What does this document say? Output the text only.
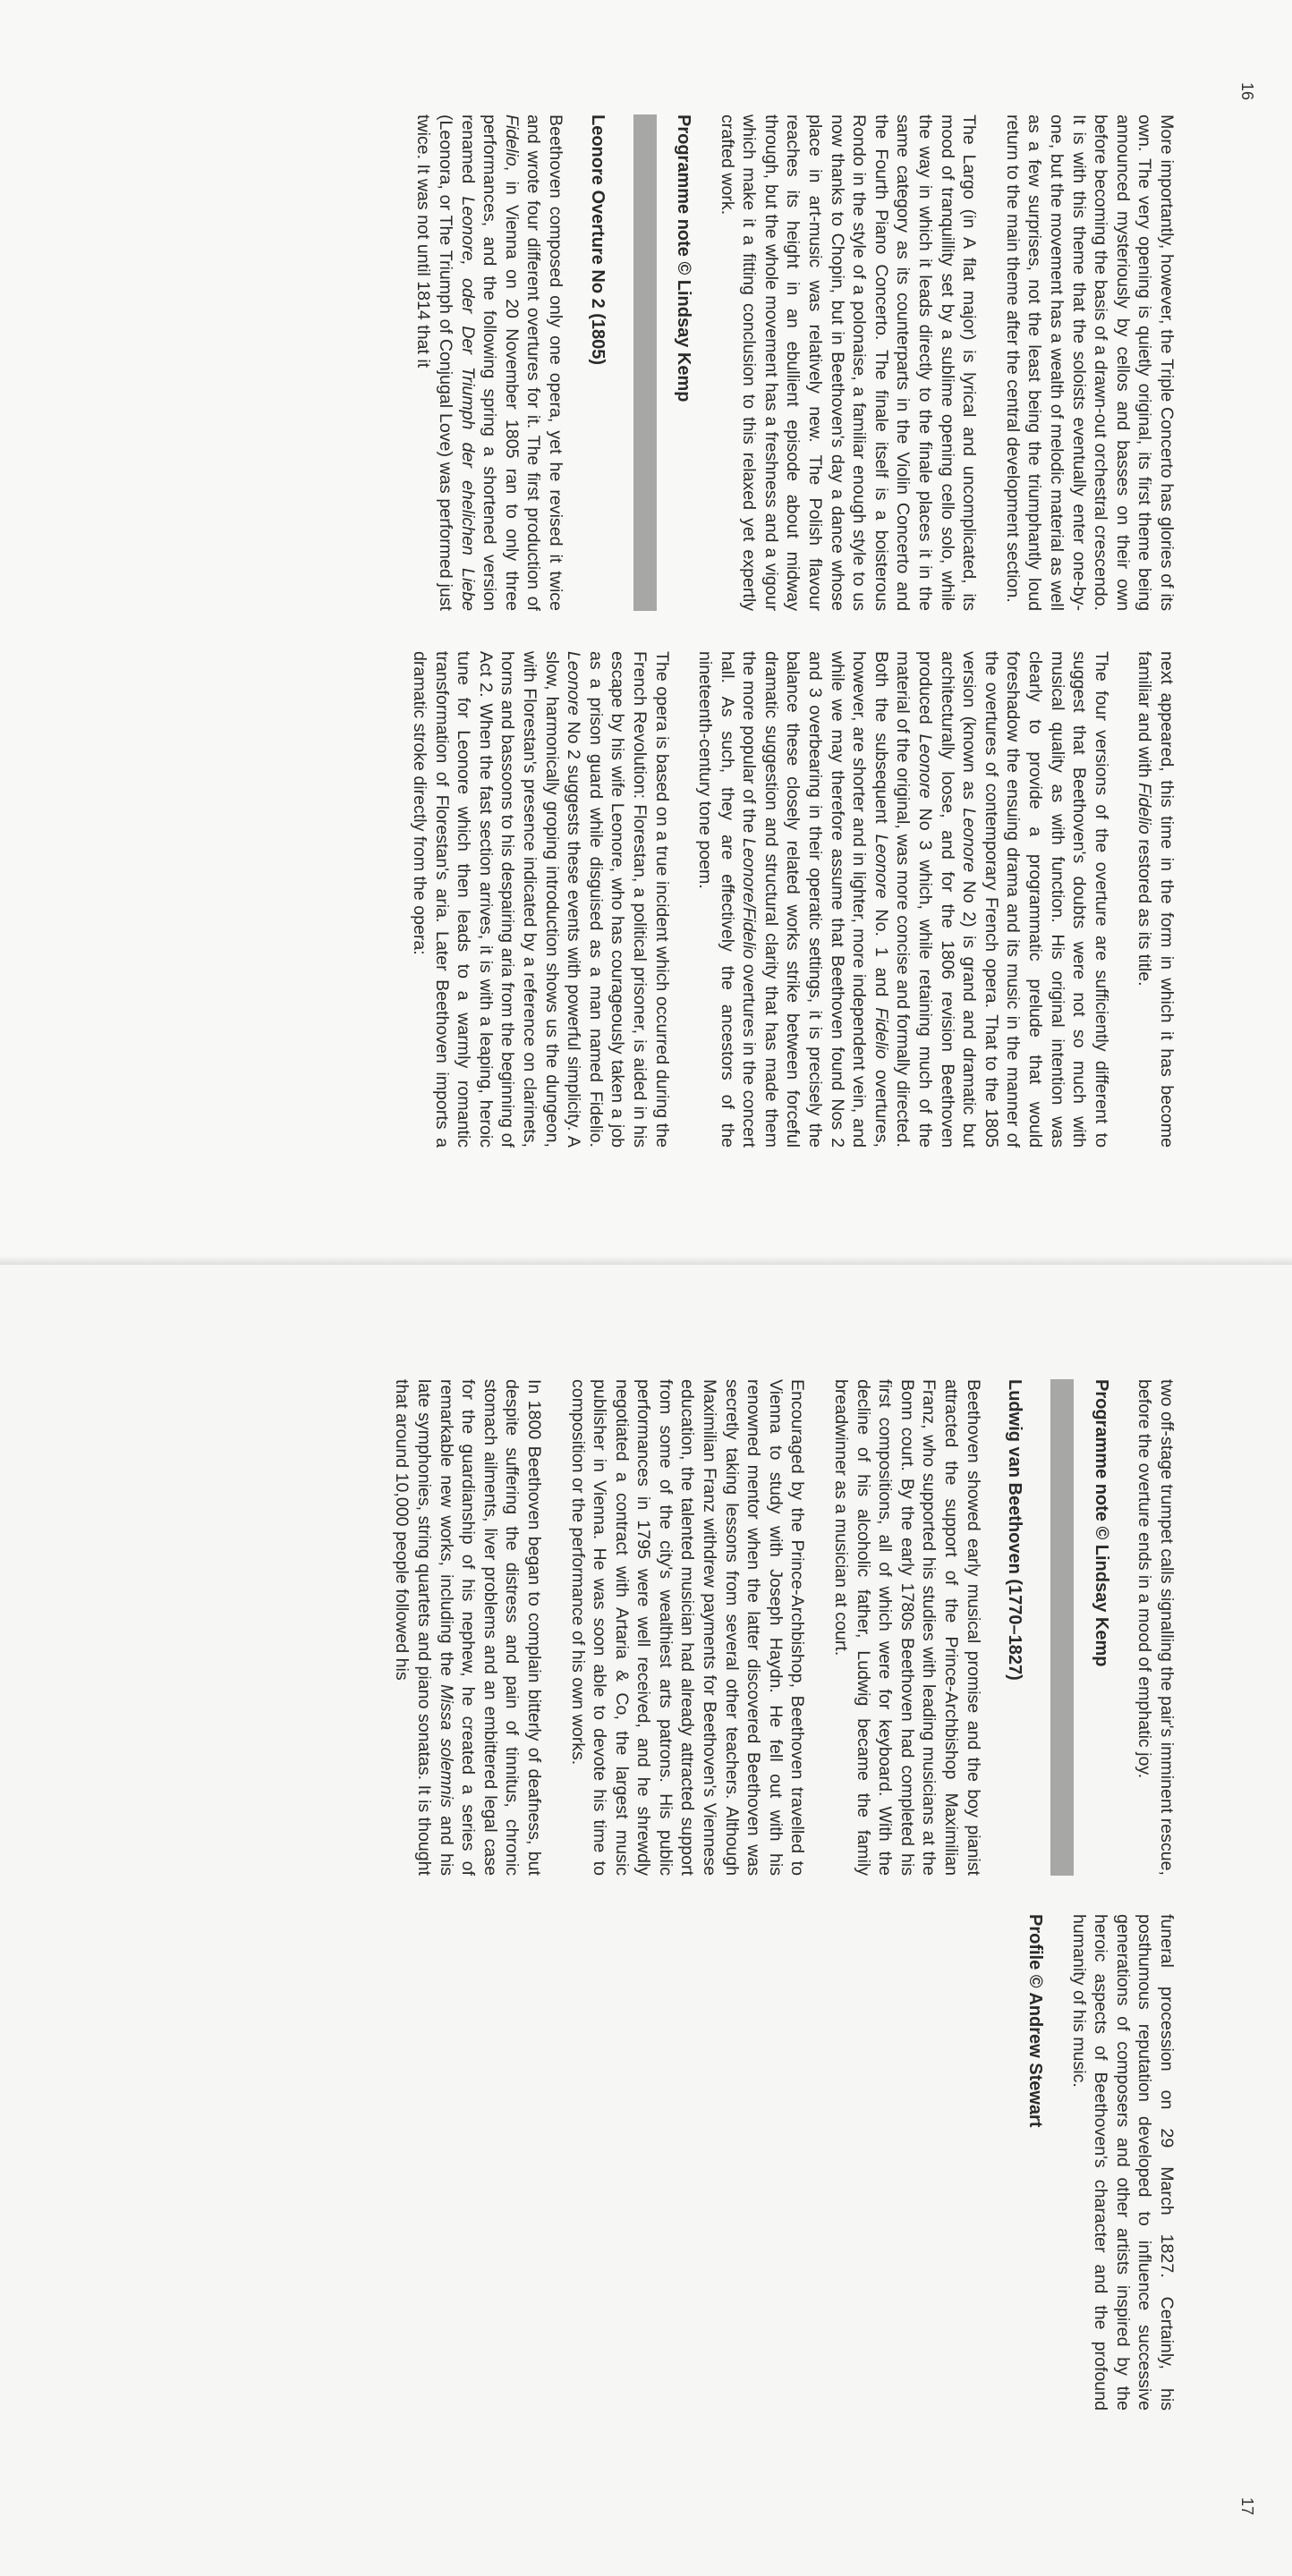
16

More importantly, however, the Triple Concerto has glories of its own. The very opening is quietly original, its first theme being announced mysteriously by cellos and basses on their own before becoming the basis of a drawn-out orchestral crescendo. It is with this theme that the soloists eventually enter one-by-one, but the movement has a wealth of melodic material as well as a few surprises, not the least being the triumphantly loud return to the main theme after the central development section.

The Largo (in A flat major) is lyrical and uncomplicated, its mood of tranquillity set by a sublime opening cello solo, while the way in which it leads directly to the finale places it in the same category as its counterparts in the Violin Concerto and the Fourth Piano Concerto. The finale itself is a boisterous Rondo in the style of a polonaise, a familiar enough style to us now thanks to Chopin, but in Beethoven's day a dance whose place in art-music was relatively new. The Polish flavour reaches its height in an ebullient episode about midway through, but the whole movement has a freshness and a vigour which make it a fitting conclusion to this relaxed yet expertly crafted work.

Programme note © Lindsay Kemp
Leonore Overture No 2 (1805)

Beethoven composed only one opera, yet he revised it twice and wrote four different overtures for it. The first production of Fidelio, in Vienna on 20 November 1805 ran to only three performances, and the following spring a shortened version renamed Leonore, oder Der Triumph der ehelichen Liebe (Leonora, or The Triumph of Conjugal Love) was performed just twice. It was not until 1814 that it

next appeared, this time in the form in which it has become familiar and with Fidelio restored as its title.

The four versions of the overture are sufficiently different to suggest that Beethoven's doubts were not so much with musical quality as with function. His original intention was clearly to provide a programmatic prelude that would foreshadow the ensuing drama and its music in the manner of the overtures of contemporary French opera. That to the 1805 version (known as Leonore No 2) is grand and dramatic but architecturally loose, and for the 1806 revision Beethoven produced Leonore No 3 which, while retaining much of the material of the original, was more concise and formally directed. Both the subsequent Leonore No. 1 and Fidelio overtures, however, are shorter and in lighter, more independent vein, and while we may therefore assume that Beethoven found Nos 2 and 3 overbearing in their operatic settings, it is precisely the balance these closely related works strike between forceful dramatic suggestion and structural clarity that has made them the more popular of the Leonore/Fidelio overtures in the concert hall. As such, they are effectively the ancestors of the nineteenth-century tone poem.

The opera is based on a true incident which occurred during the French Revolution: Florestan, a political prisoner, is aided in his escape by his wife Leonore, who has courageously taken a job as a prison guard while disguised as a man named Fidelio. Leonore No 2 suggests these events with powerful simplicity. A slow, harmonically groping introduction shows us the dungeon, with Florestan's presence indicated by a reference on clarinets, horns and bassoons to his despairing aria from the beginning of Act 2. When the fast section arrives, it is with a leaping, heroic tune for Leonore which then leads to a warmly romantic transformation of Florestan's aria. Later Beethoven imports a dramatic stroke directly from the opera:

17

two off-stage trumpet calls signalling the pair's imminent rescue, before the overture ends in a mood of emphatic joy.

Programme note © Lindsay Kemp
Ludwig van Beethoven (1770–1827)

Beethoven showed early musical promise and the boy pianist attracted the support of the Prince-Archbishop Maximilian Franz, who supported his studies with leading musicians at the Bonn court. By the early 1780s Beethoven had completed his first compositions, all of which were for keyboard. With the decline of his alcoholic father, Ludwig became the family breadwinner as a musician at court.

Encouraged by the Prince-Archbishop, Beethoven travelled to Vienna to study with Joseph Haydn. He fell out with his renowned mentor when the latter discovered Beethoven was secretly taking lessons from several other teachers. Although Maximilian Franz withdrew payments for Beethoven's Viennese education, the talented musician had already attracted support from some of the city's wealthiest arts patrons. His public performances in 1795 were well received, and he shrewdly negotiated a contract with Artaria & Co, the largest music publisher in Vienna. He was soon able to devote his time to composition or the performance of his own works.

In 1800 Beethoven began to complain bitterly of deafness, but despite suffering the distress and pain of tinnitus, chronic stomach ailments, liver problems and an embittered legal case for the guardianship of his nephew, he created a series of remarkable new works, including the Missa solemnis and his late symphonies, string quartets and piano sonatas. It is thought that around 10,000 people followed his

funeral procession on 29 March 1827. Certainly, his posthumous reputation developed to influence successive generations of composers and other artists inspired by the heroic aspects of Beethoven's character and the profound humanity of his music.

Profile © Andrew Stewart
